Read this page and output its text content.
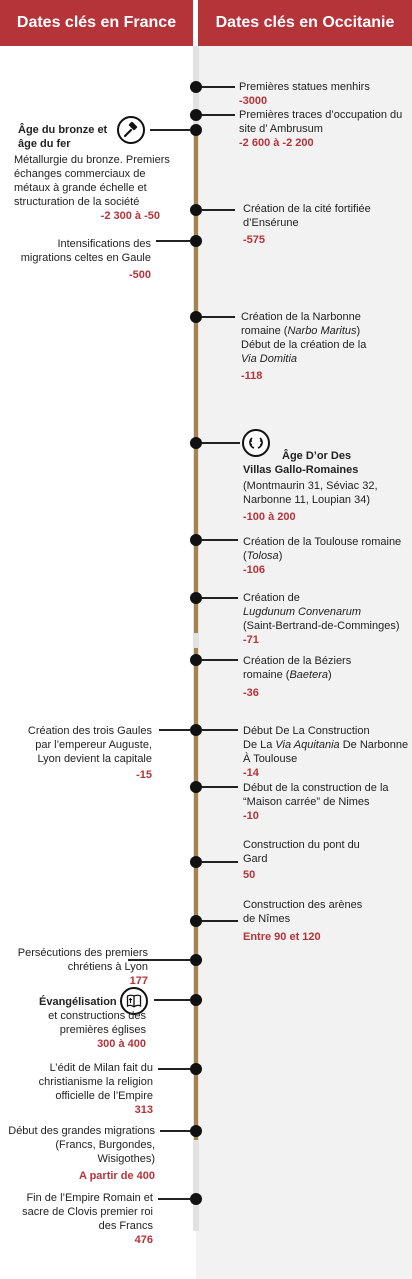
Dates clés en France	Dates clés en Occitanie
Premières statues menhirs
-3000
Premières traces d’occupation du site d’ Ambrusum
-2 600 à -2 200
Création de la cité fortifiée d’Ensérune
-575
Création de la Narbonne
romaine (Narbo Maritus)
Début de la création de la
Via Domitia
-118
Âge D’or Des
Villas Gallo-Romaines
(Montmaurin 31, Séviac 32, Narbonne 11, Loupian 34)
-100 à 200
Création de la Toulouse romaine
(Tolosa)
-106
Création de
Lugdunum Convenarum
(Saint-Bertrand-de-Comminges)
-71
Création de la Béziers
romaine (Baetera)
-36
Début De La Construction
De La Via Aquitania De Narbonne
À Toulouse
-14
Début de la construction de la “Maison carrée” de Nimes
-10
Construction du pont du Gard
50
Construction des arènes de Nîmes
Entre 90 et 120
Âge du bronze et âge du fer
Métallurgie du bronze. Premiers échanges commerciaux de métaux à grande échelle et structuration de la société
-2 300 à -50
Intensifications des migrations celtes en Gaule
-500
Création des trois Gaules par l’empereur Auguste, Lyon devient la capitale
-15
Persécutions des premiers chrétiens à Lyon
177
Évangélisation
et constructions des premières églises
300 à 400
L’édit de Milan fait du christianisme la religion officielle de l’Empire
313
Début des grandes migrations (Francs, Burgondes, Wisigothes)
A partir de 400
Fin de l’Empire Romain et sacre de Clovis premier roi des Francs
476
